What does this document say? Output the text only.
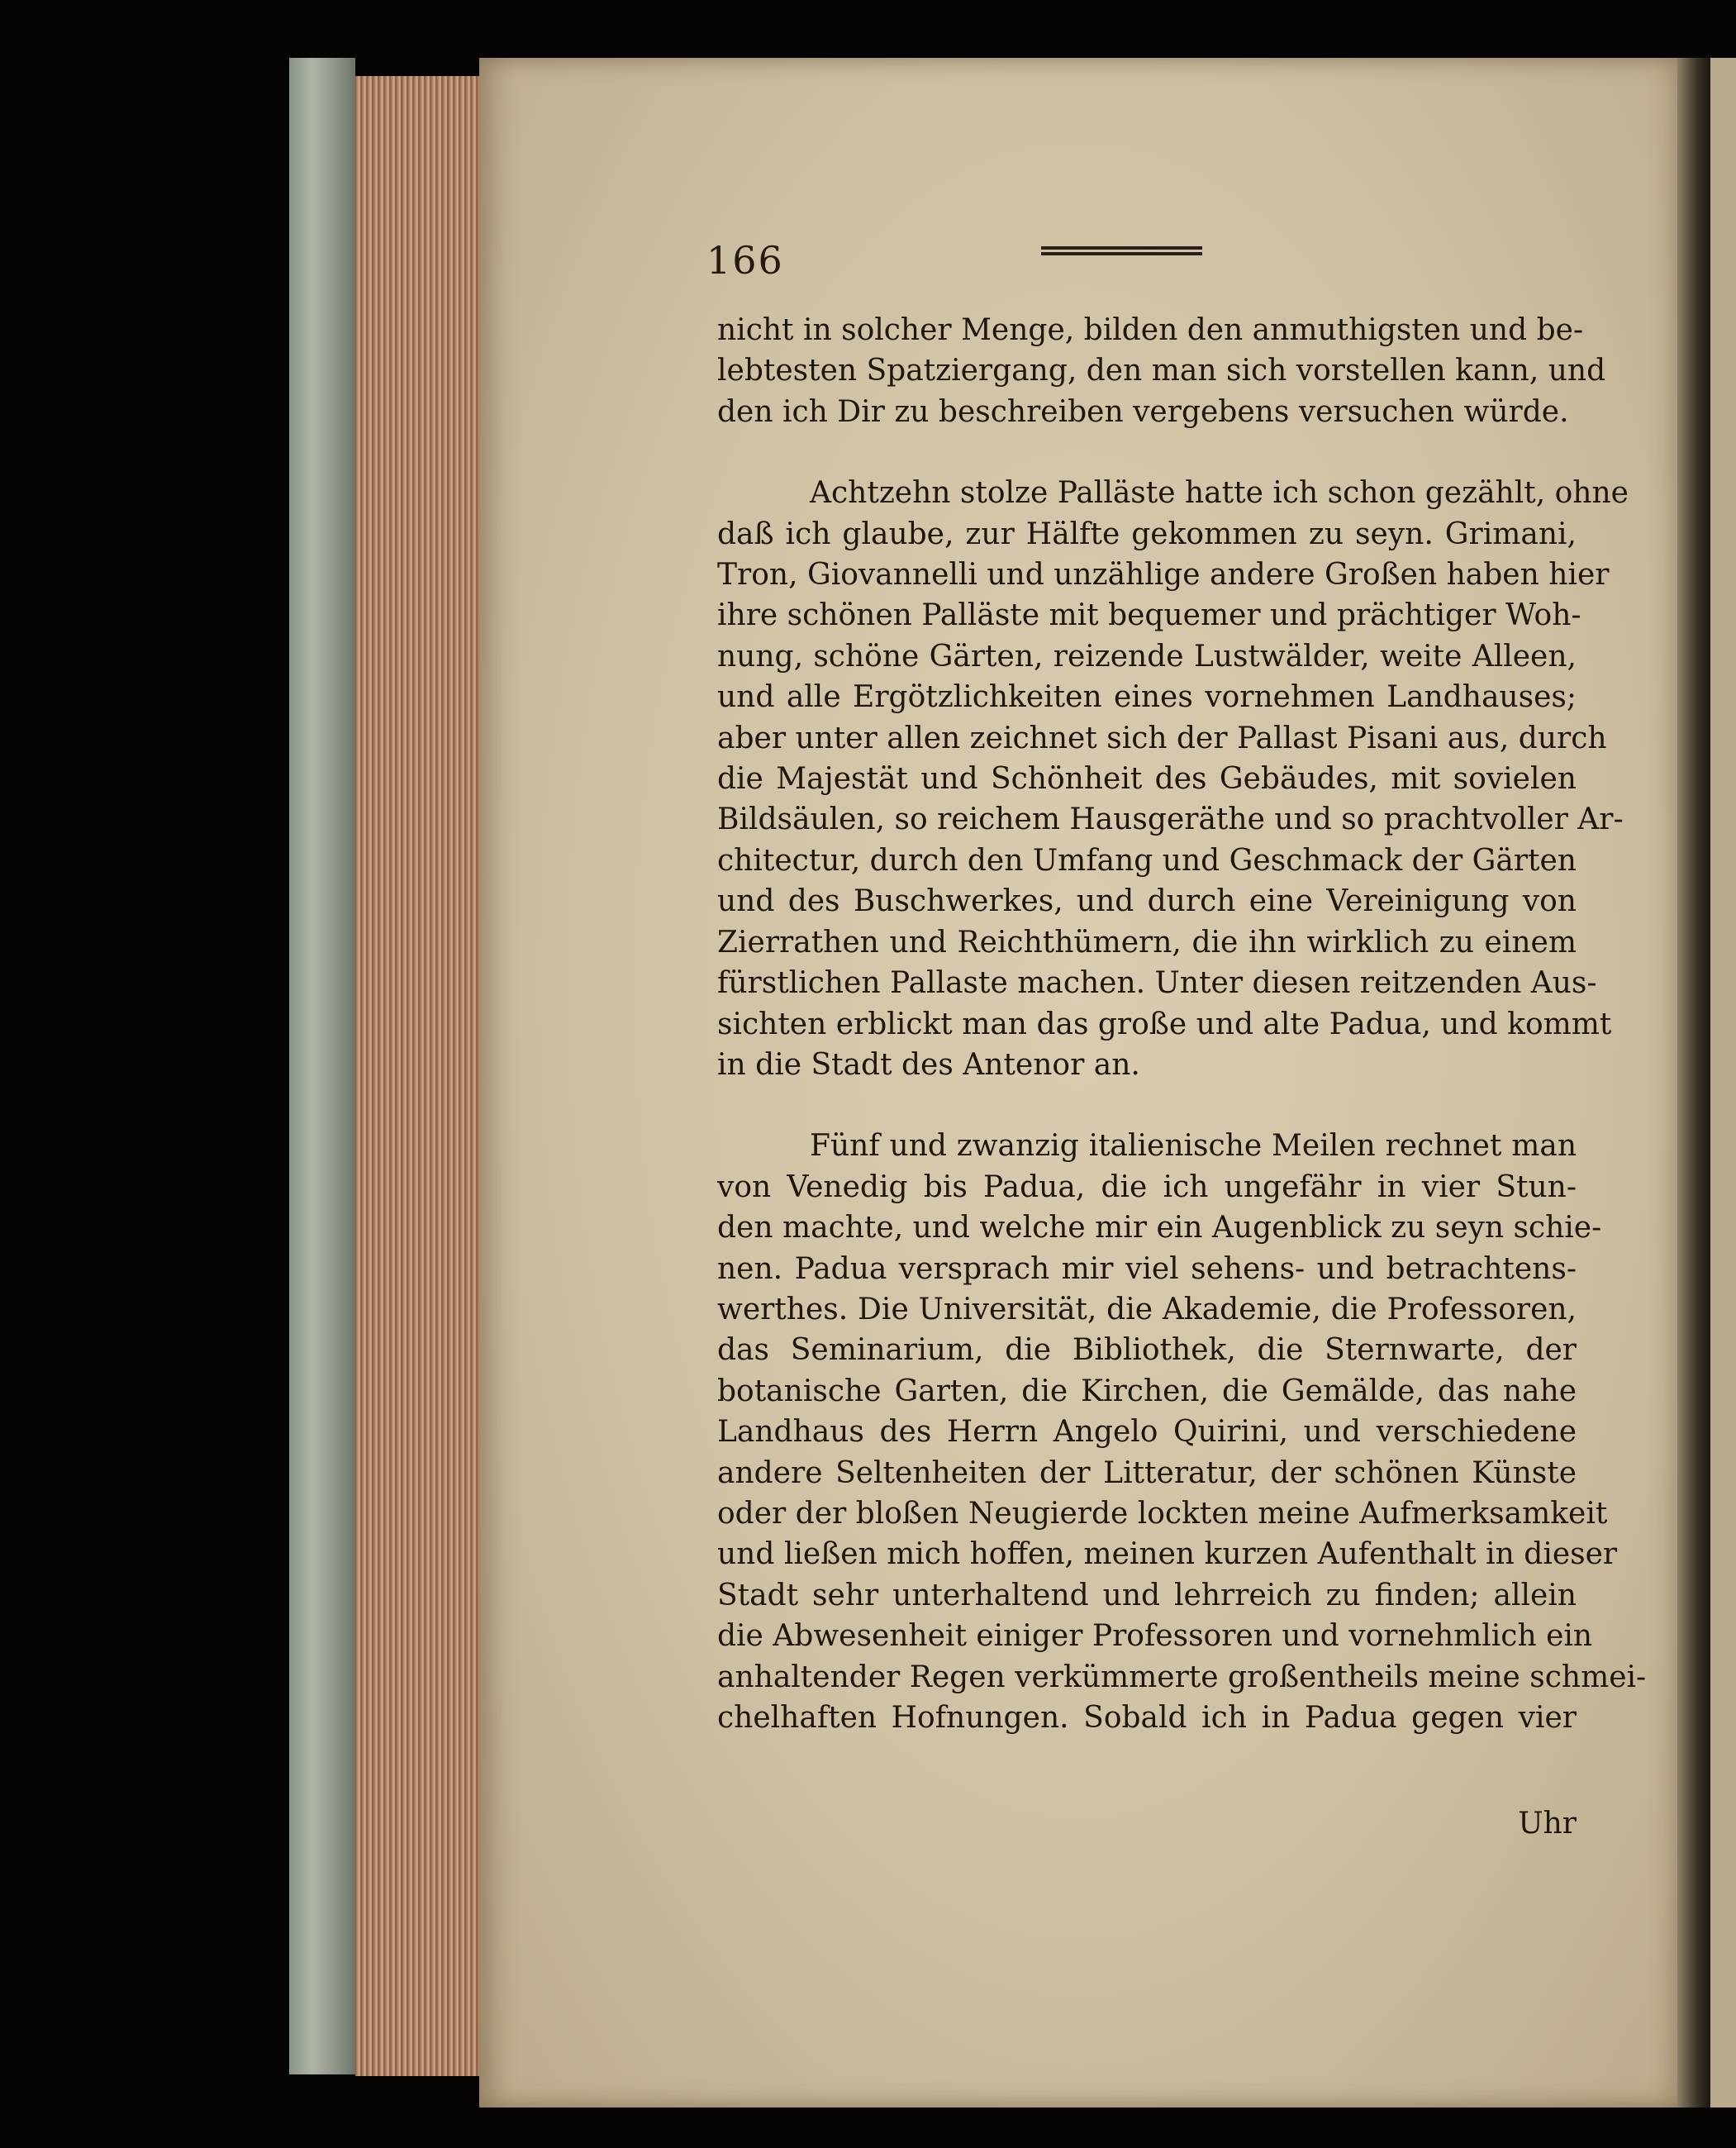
166

nicht in solcher Menge, bilden den anmuthigsten und be-
lebtesten Spatziergang, den man sich vorstellen kann, und
den ich Dir zu beschreiben vergebens versuchen würde.

Achtzehn stolze Palläste hatte ich schon gezählt, ohne
daß ich glaube, zur Hälfte gekommen zu seyn. Grimani,
Tron, Giovannelli und unzählige andere Großen haben hier
ihre schönen Palläste mit bequemer und prächtiger Woh-
nung, schöne Gärten, reizende Lustwälder, weite Alleen,
und alle Ergötzlichkeiten eines vornehmen Landhauses;
aber unter allen zeichnet sich der Pallast Pisani aus, durch
die Majestät und Schönheit des Gebäudes, mit sovielen
Bildsäulen, so reichem Hausgeräthe und so prachtvoller Ar-
chitectur, durch den Umfang und Geschmack der Gärten
und des Buschwerkes, und durch eine Vereinigung von
Zierrathen und Reichthümern, die ihn wirklich zu einem
fürstlichen Pallaste machen. Unter diesen reitzenden Aus-
sichten erblickt man das große und alte Padua, und kommt
in die Stadt des Antenor an.

Fünf und zwanzig italienische Meilen rechnet man
von Venedig bis Padua, die ich ungefähr in vier Stun-
den machte, und welche mir ein Augenblick zu seyn schie-
nen. Padua versprach mir viel sehens- und betrachtens-
werthes. Die Universität, die Akademie, die Professoren,
das Seminarium, die Bibliothek, die Sternwarte, der
botanische Garten, die Kirchen, die Gemälde, das nahe
Landhaus des Herrn Angelo Quirini, und verschiedene
andere Seltenheiten der Litteratur, der schönen Künste
oder der bloßen Neugierde lockten meine Aufmerksamkeit
und ließen mich hoffen, meinen kurzen Aufenthalt in dieser
Stadt sehr unterhaltend und lehrreich zu finden; allein
die Abwesenheit einiger Professoren und vornehmlich ein
anhaltender Regen verkümmerte großentheils meine schmei-
chelhaften Hofnungen. Sobald ich in Padua gegen vier

Uhr
